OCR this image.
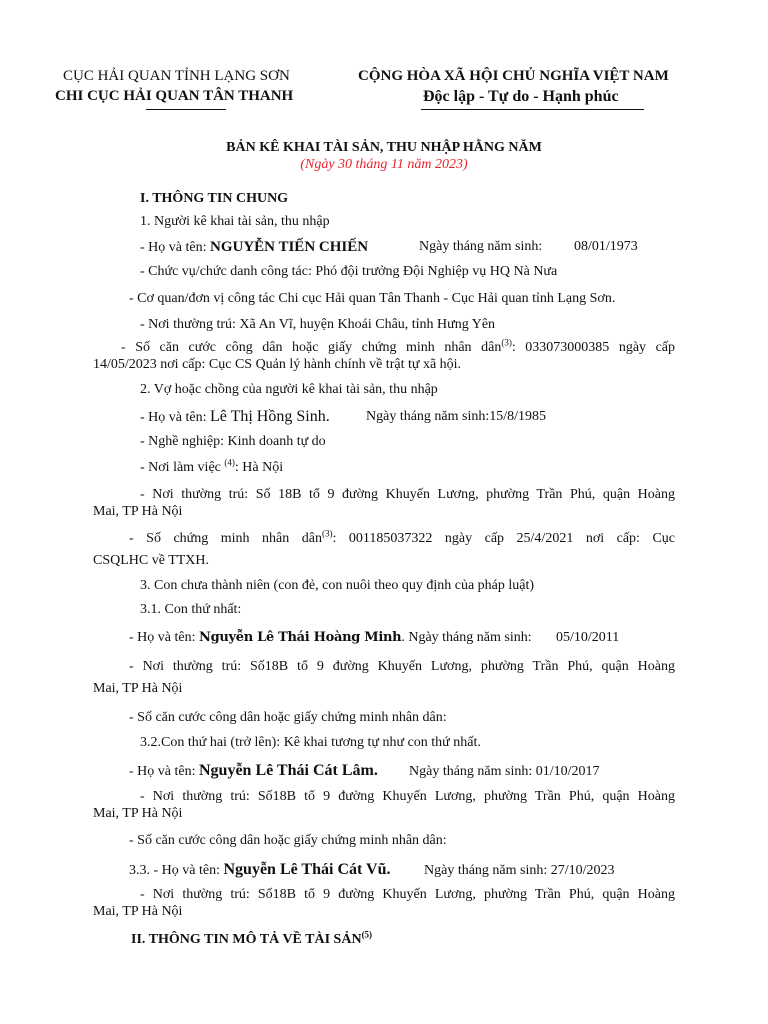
CỤC HẢI QUAN TỈNH LẠNG SƠN
CHI CỤC HẢI QUAN TÂN THANH
CỘNG HÒA XÃ HỘI CHỦ NGHĨA VIỆT NAM
Độc lập - Tự do - Hạnh phúc
BẢN KÊ KHAI TÀI SẢN, THU NHẬP HẰNG NĂM
(Ngày 30 tháng 11 năm 2023)
I. THÔNG TIN CHUNG
1. Người kê khai tài sản, thu nhập
- Họ và tên: NGUYỄN TIẾN CHIẾN	Ngày tháng năm sinh: 08/01/1973
- Chức vụ/chức danh công tác: Phó đội trưởng Đội Nghiệp vụ HQ Nà Nưa
- Cơ quan/đơn vị công tác Chi cục Hải quan Tân Thanh - Cục Hải quan tỉnh Lạng Sơn.
- Nơi thường trú: Xã An Vĩ, huyện Khoái Châu, tỉnh Hưng Yên
- Số căn cước công dân hoặc giấy chứng minh nhân dân$^{(3)}$: 033073000385 ngày cấp
14/05/2023 nơi cấp: Cục CS Quản lý hành chính về trật tự xã hội.
2. Vợ hoặc chồng của người kê khai tài sản, thu nhập
- Họ và tên: Lê Thị Hồng Sinh.	Ngày tháng năm sinh:15/8/1985
- Nghề nghiệp: Kinh doanh tự do
- Nơi làm việc $^{(4)}$: Hà Nội
- Nơi thường trú: Số 18B tổ 9 đường Khuyến Lương, phường Trần Phú, quận Hoàng
Mai, TP Hà Nội
- Số chứng minh nhân dân$^{(3)}$: 001185037322 ngày cấp 25/4/2021 nơi cấp: Cục
CSQLHC về TTXH.
3. Con chưa thành niên (con đẻ, con nuôi theo quy định của pháp luật)
3.1. Con thứ nhất:
- Họ và tên: Nguyễn Lê Thái Hoàng Minh. Ngày tháng năm sinh: 05/10/2011
- Nơi thường trú: Số18B tổ 9 đường Khuyến Lương, phường Trần Phú, quận Hoàng
Mai, TP Hà Nội
- Số căn cước công dân hoặc giấy chứng minh nhân dân:
3.2.Con thứ hai (trở lên): Kê khai tương tự như con thứ nhất.
- Họ và tên: Nguyễn Lê Thái Cát Lâm. Ngày tháng năm sinh: 01/10/2017
- Nơi thường trú: Số18B tổ 9 đường Khuyến Lương, phường Trần Phú, quận Hoàng
Mai, TP Hà Nội
- Số căn cước công dân hoặc giấy chứng minh nhân dân:
3.3. - Họ và tên: Nguyễn Lê Thái Cát Vũ. Ngày tháng năm sinh: 27/10/2023
- Nơi thường trú: Số18B tổ 9 đường Khuyến Lương, phường Trần Phú, quận Hoàng
Mai, TP Hà Nội
II. THÔNG TIN MÔ TẢ VỀ TÀI SẢN$^{(5)}$
